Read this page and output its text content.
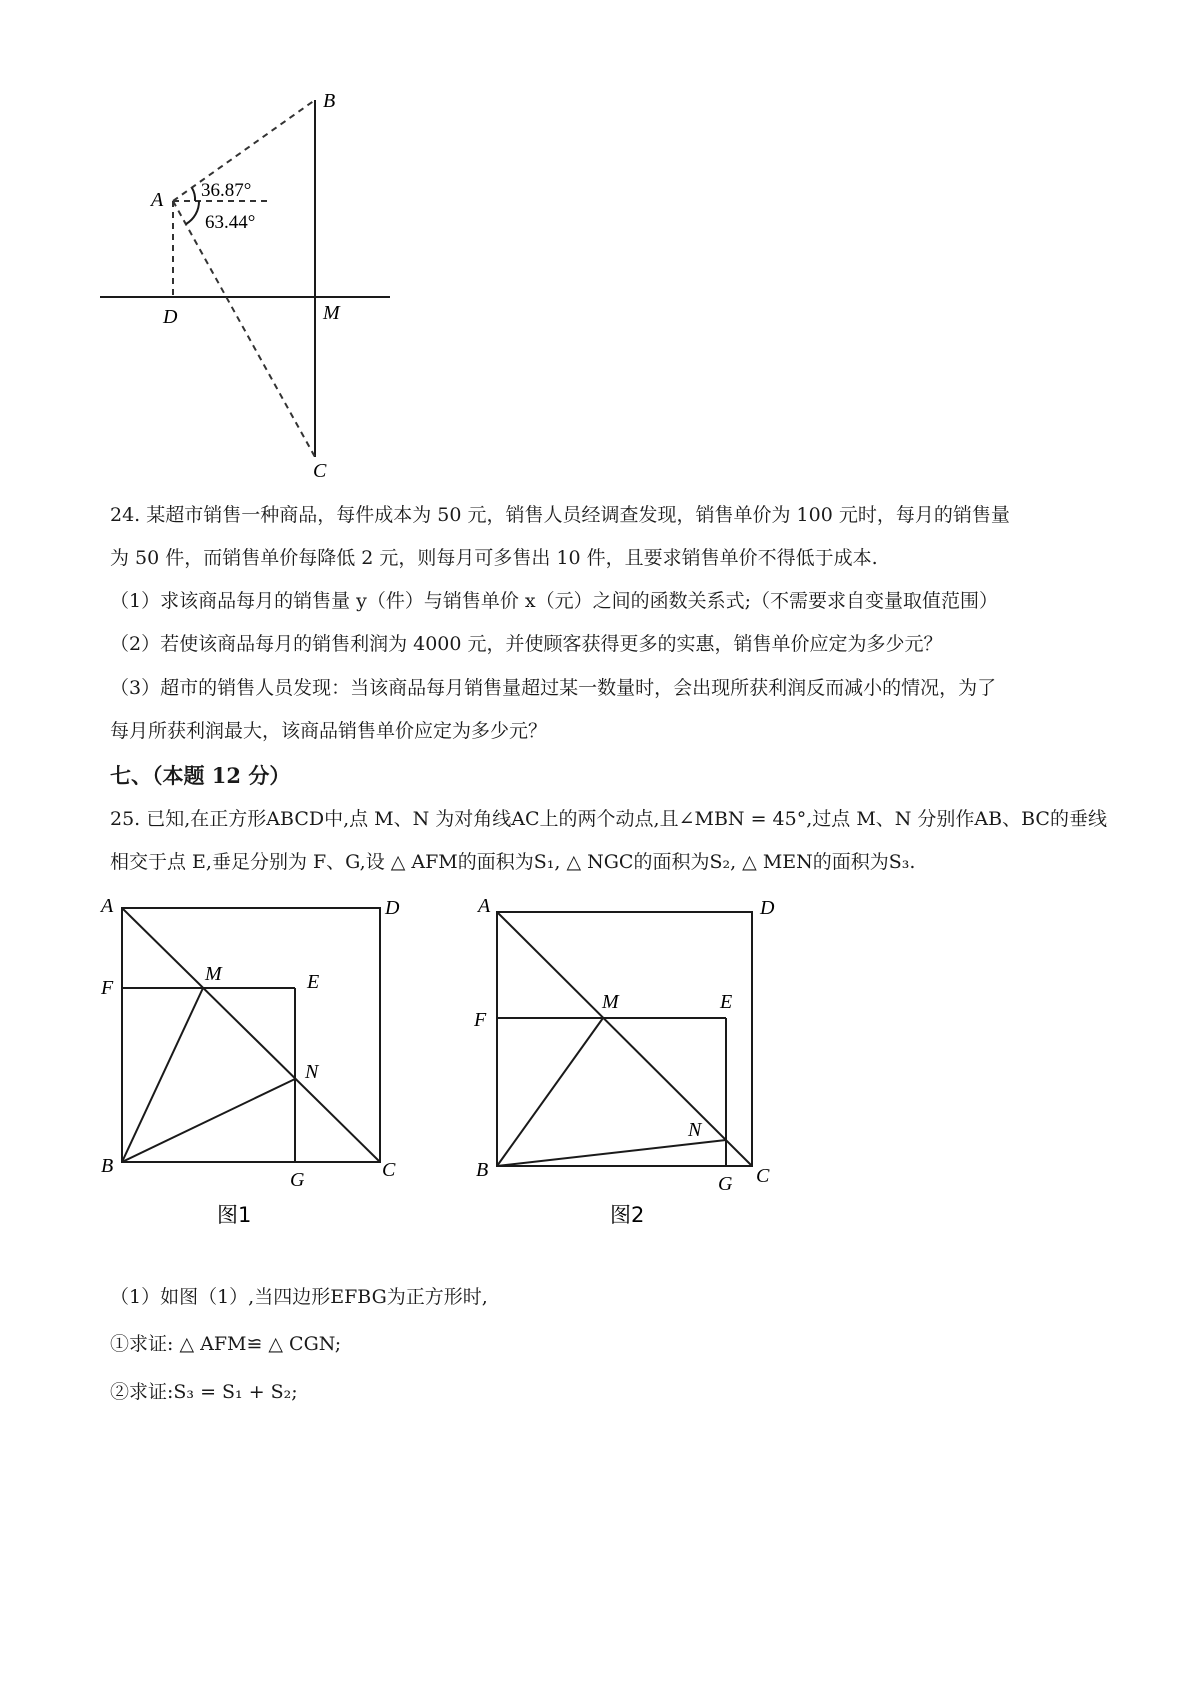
A
B
C
D	M
36.87°
63.44°
24. 某超市销售一种商品，每件成本为 50 元，销售人员经调查发现，销售单价为 100 元时，每月的销售量
为 50 件，而销售单价每降低 2 元，则每月可多售出 10 件，且要求销售单价不得低于成本.
（1）求该商品每月的销售量 y（件）与销售单价 x（元）之间的函数关系式;（不需要求自变量取值范围）
（2）若使该商品每月的销售利润为 4000 元，并使顾客获得更多的实惠，销售单价应定为多少元？
（3）超市的销售人员发现：当该商品每月销售量超过某一数量时，会出现所获利润反而减小的情况，为了
每月所获利润最大，该商品销售单价应定为多少元？
七、（本题 12 分）
25. 已知,在正方形ABCD中,点 M、N 为对角线AC上的两个动点,且∠MBN = 45°,过点 M、N 分别作AB、BC的垂线
相交于点 E,垂足分别为 F、G,设 △ AFM的面积为S₁, △ NGC的面积为S₂, △ MEN的面积为S₃.
A	D
F
M	E
N
B
G	C
图1
A	D
F
M	E
N
B
G C
图2
（1）如图（1）,当四边形EFBG为正方形时,
①求证: △ AFM≌ △ CGN;
②求证:S₃ = S₁ + S₂;
